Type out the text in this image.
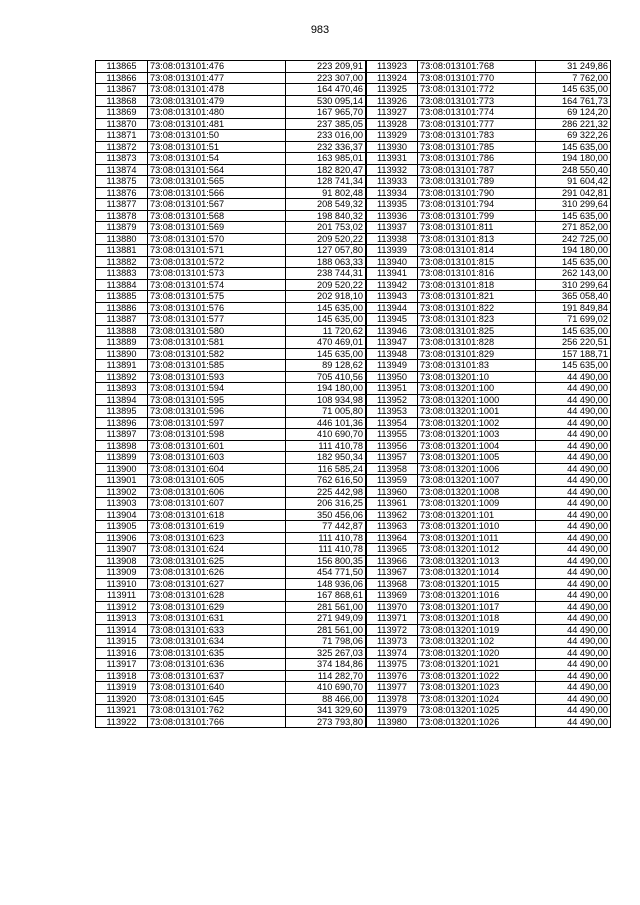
983
113865	73:08:013101:476	223 209,91
113866	73:08:013101:477	223 307,00
113867	73:08:013101:478	164 470,46
113868	73:08:013101:479	530 095,14
113869	73:08:013101:480	167 965,70
113870	73:08:013101:481	237 385,05
113871	73:08:013101:50	233 016,00
113872	73:08:013101:51	232 336,37
113873	73:08:013101:54	163 985,01
113874	73:08:013101:564	182 820,47
113875	73:08:013101:565	128 741,34
113876	73:08:013101:566	91 802,48
113877	73:08:013101:567	208 549,32
113878	73:08:013101:568	198 840,32
113879	73:08:013101:569	201 753,02
113880	73:08:013101:570	209 520,22
113881	73:08:013101:571	127 057,80
113882	73:08:013101:572	188 063,33
113883	73:08:013101:573	238 744,31
113884	73:08:013101:574	209 520,22
113885	73:08:013101:575	202 918,10
113886	73:08:013101:576	145 635,00
113887	73:08:013101:577	145 635,00
113888	73:08:013101:580	11 720,62
113889	73:08:013101:581	470 469,01
113890	73:08:013101:582	145 635,00
113891	73:08:013101:585	89 128,62
113892	73:08:013101:593	705 410,56
113893	73:08:013101:594	194 180,00
113894	73:08:013101:595	108 934,98
113895	73:08:013101:596	71 005,80
113896	73:08:013101:597	446 101,36
113897	73:08:013101:598	410 690,70
113898	73:08:013101:601	111 410,78
113899	73:08:013101:603	182 950,34
113900	73:08:013101:604	116 585,24
113901	73:08:013101:605	762 616,50
113902	73:08:013101:606	225 442,98
113903	73:08:013101:607	206 316,25
113904	73:08:013101:618	350 456,06
113905	73:08:013101:619	77 442,87
113906	73:08:013101:623	111 410,78
113907	73:08:013101:624	111 410,78
113908	73:08:013101:625	156 800,35
113909	73:08:013101:626	454 771,50
113910	73:08:013101:627	148 936,06
113911	73:08:013101:628	167 868,61
113912	73:08:013101:629	281 561,00
113913	73:08:013101:631	271 949,09
113914	73:08:013101:633	281 561,00
113915	73:08:013101:634	71 798,06
113916	73:08:013101:635	325 267,03
113917	73:08:013101:636	374 184,86
113918	73:08:013101:637	114 282,70
113919	73:08:013101:640	410 690,70
113920	73:08:013101:645	88 466,00
113921	73:08:013101:762	341 329,60
113922	73:08:013101:766	273 793,80
113923	73:08:013101:768	31 249,86
113924	73:08:013101:770	7 762,00
113925	73:08:013101:772	145 635,00
113926	73:08:013101:773	164 761,73
113927	73:08:013101:774	69 124,20
113928	73:08:013101:777	286 221,32
113929	73:08:013101:783	69 322,26
113930	73:08:013101:785	145 635,00
113931	73:08:013101:786	194 180,00
113932	73:08:013101:787	248 550,40
113933	73:08:013101:789	91 604,42
113934	73:08:013101:790	291 042,81
113935	73:08:013101:794	310 299,64
113936	73:08:013101:799	145 635,00
113937	73:08:013101:811	271 852,00
113938	73:08:013101:813	242 725,00
113939	73:08:013101:814	194 180,00
113940	73:08:013101:815	145 635,00
113941	73:08:013101:816	262 143,00
113942	73:08:013101:818	310 299,64
113943	73:08:013101:821	365 058,40
113944	73:08:013101:822	191 849,84
113945	73:08:013101:823	71 699,02
113946	73:08:013101:825	145 635,00
113947	73:08:013101:828	256 220,51
113948	73:08:013101:829	157 188,71
113949	73:08:013101:83	145 635,00
113950	73:08:013201:10	44 490,00
113951	73:08:013201:100	44 490,00
113952	73:08:013201:1000	44 490,00
113953	73:08:013201:1001	44 490,00
113954	73:08:013201:1002	44 490,00
113955	73:08:013201:1003	44 490,00
113956	73:08:013201:1004	44 490,00
113957	73:08:013201:1005	44 490,00
113958	73:08:013201:1006	44 490,00
113959	73:08:013201:1007	44 490,00
113960	73:08:013201:1008	44 490,00
113961	73:08:013201:1009	44 490,00
113962	73:08:013201:101	44 490,00
113963	73:08:013201:1010	44 490,00
113964	73:08:013201:1011	44 490,00
113965	73:08:013201:1012	44 490,00
113966	73:08:013201:1013	44 490,00
113967	73:08:013201:1014	44 490,00
113968	73:08:013201:1015	44 490,00
113969	73:08:013201:1016	44 490,00
113970	73:08:013201:1017	44 490,00
113971	73:08:013201:1018	44 490,00
113972	73:08:013201:1019	44 490,00
113973	73:08:013201:102	44 490,00
113974	73:08:013201:1020	44 490,00
113975	73:08:013201:1021	44 490,00
113976	73:08:013201:1022	44 490,00
113977	73:08:013201:1023	44 490,00
113978	73:08:013201:1024	44 490,00
113979	73:08:013201:1025	44 490,00
113980	73:08:013201:1026	44 490,00
